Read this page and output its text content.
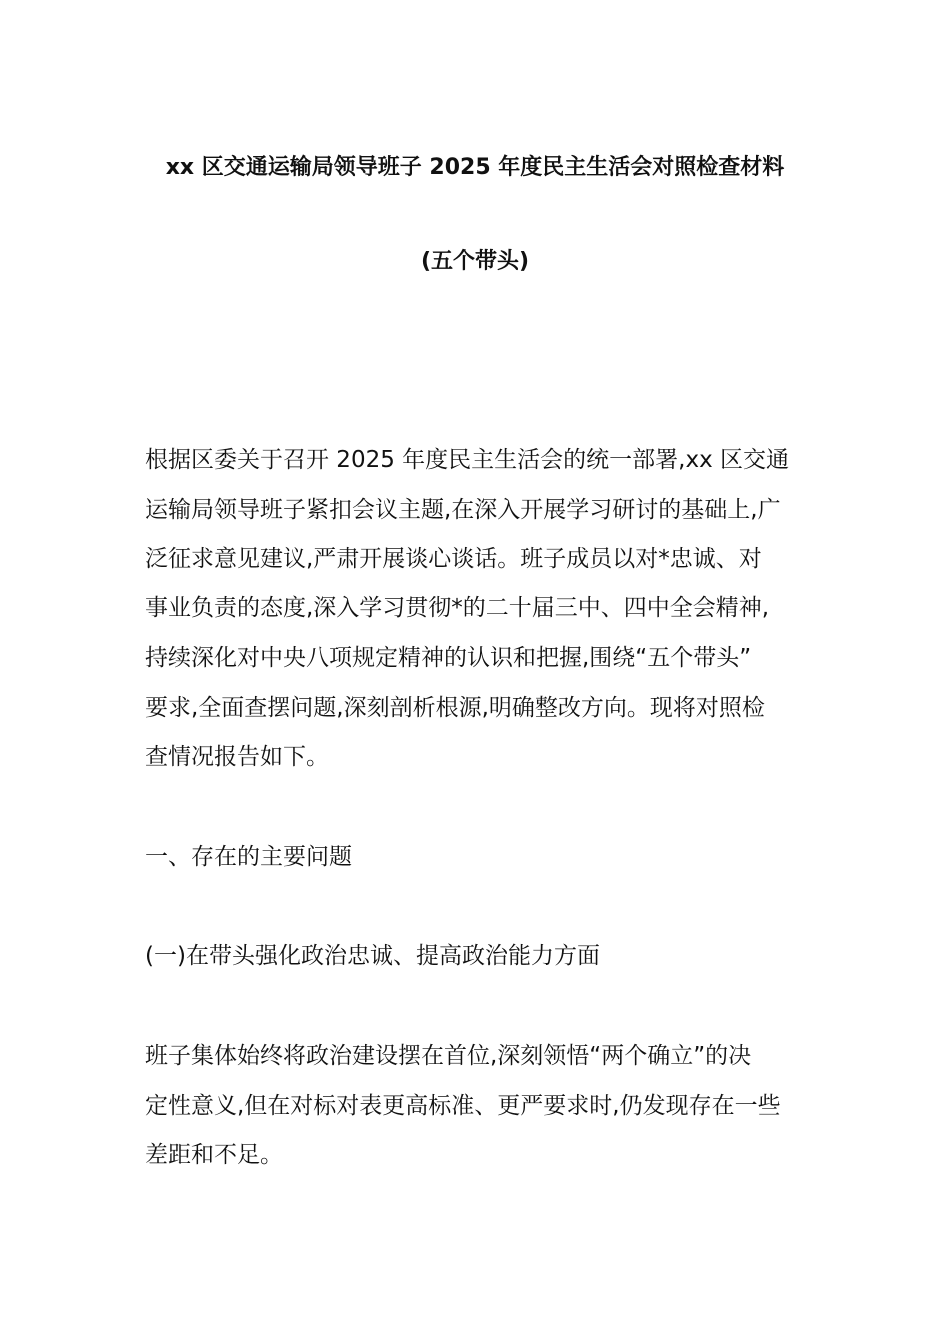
xx 区交通运输局领导班子 2025 年度民主生活会对照检查材料
(五个带头)
根据区委关于召开 2025 年度民主生活会的统一部署,xx 区交通
运输局领导班子紧扣会议主题,在深入开展学习研讨的基础上,广
泛征求意见建议,严肃开展谈心谈话。班子成员以对*忠诚、对
事业负责的态度,深入学习贯彻*的二十届三中、四中全会精神,
持续深化对中央八项规定精神的认识和把握,围绕“五个带头”
要求,全面查摆问题,深刻剖析根源,明确整改方向。现将对照检
查情况报告如下。
一、存在的主要问题
(一)在带头强化政治忠诚、提高政治能力方面
班子集体始终将政治建设摆在首位,深刻领悟“两个确立”的决
定性意义,但在对标对表更高标准、更严要求时,仍发现存在一些
差距和不足。
